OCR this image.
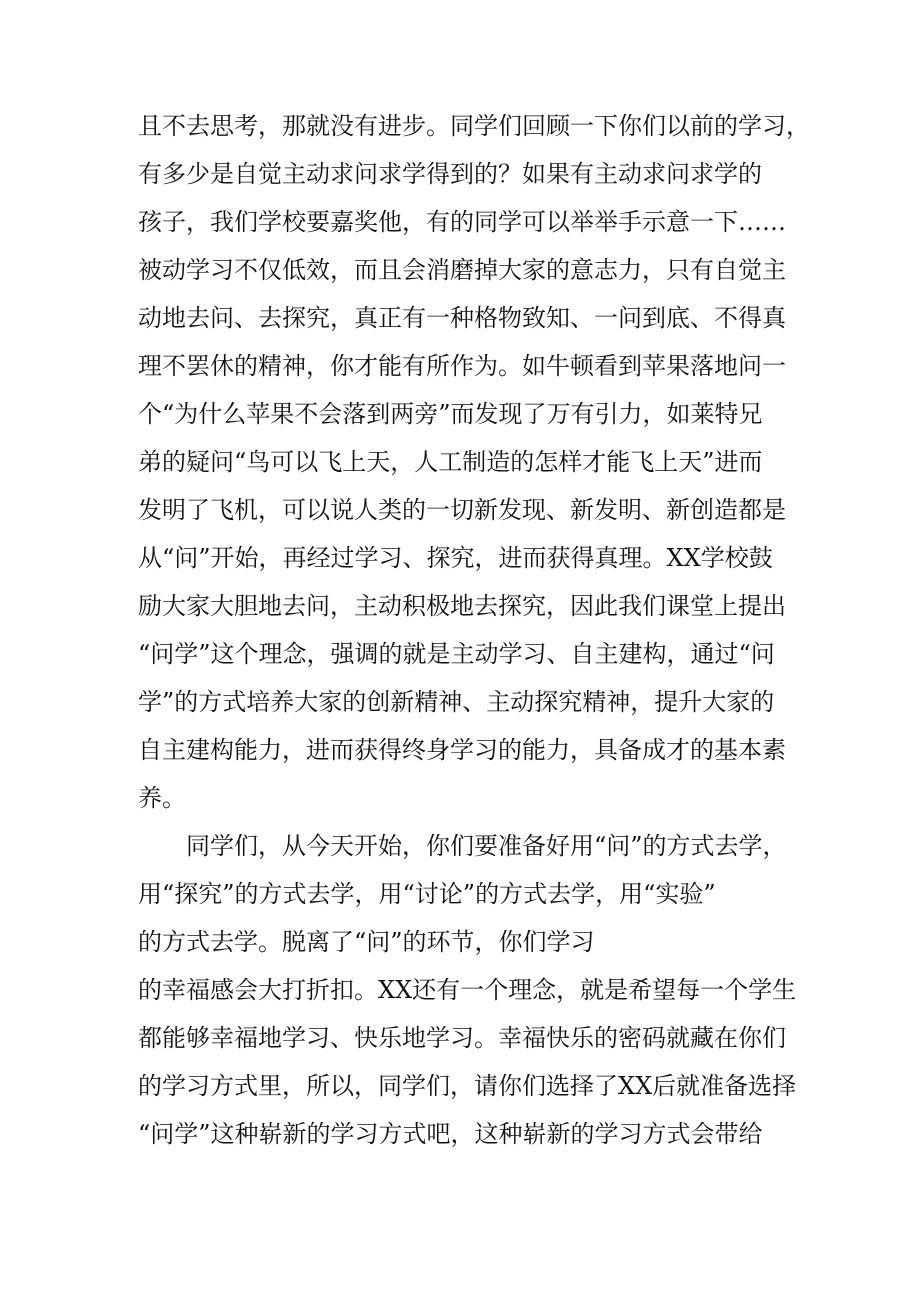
且不去思考，那就没有进步。同学们回顾一下你们以前的学习，
有多少是自觉主动求问求学得到的？如果有主动求问求学的
孩子，我们学校要嘉奖他，有的同学可以举举手示意一下……
被动学习不仅低效，而且会消磨掉大家的意志力，只有自觉主
动地去问、去探究，真正有一种格物致知、一问到底、不得真
理不罢休的精神，你才能有所作为。如牛顿看到苹果落地问一
个“为什么苹果不会落到两旁”而发现了万有引力，如莱特兄
弟的疑问“鸟可以飞上天，人工制造的怎样才能飞上天”进而
发明了飞机，可以说人类的一切新发现、新发明、新创造都是
从“问”开始，再经过学习、探究，进而获得真理。XX学校鼓
励大家大胆地去问，主动积极地去探究，因此我们课堂上提出
“问学”这个理念，强调的就是主动学习、自主建构，通过“问
学”的方式培养大家的创新精神、主动探究精神，提升大家的
自主建构能力，进而获得终身学习的能力，具备成才的基本素
养。
同学们，从今天开始，你们要准备好用“问”的方式去学，
用“探究”的方式去学，用“讨论”的方式去学，用“实验”
的方式去学。脱离了“问”的环节，你们学习
的幸福感会大打折扣。XX还有一个理念，就是希望每一个学生
都能够幸福地学习、快乐地学习。幸福快乐的密码就藏在你们
的学习方式里，所以，同学们，请你们选择了XX后就准备选择
“问学”这种崭新的学习方式吧，这种崭新的学习方式会带给
